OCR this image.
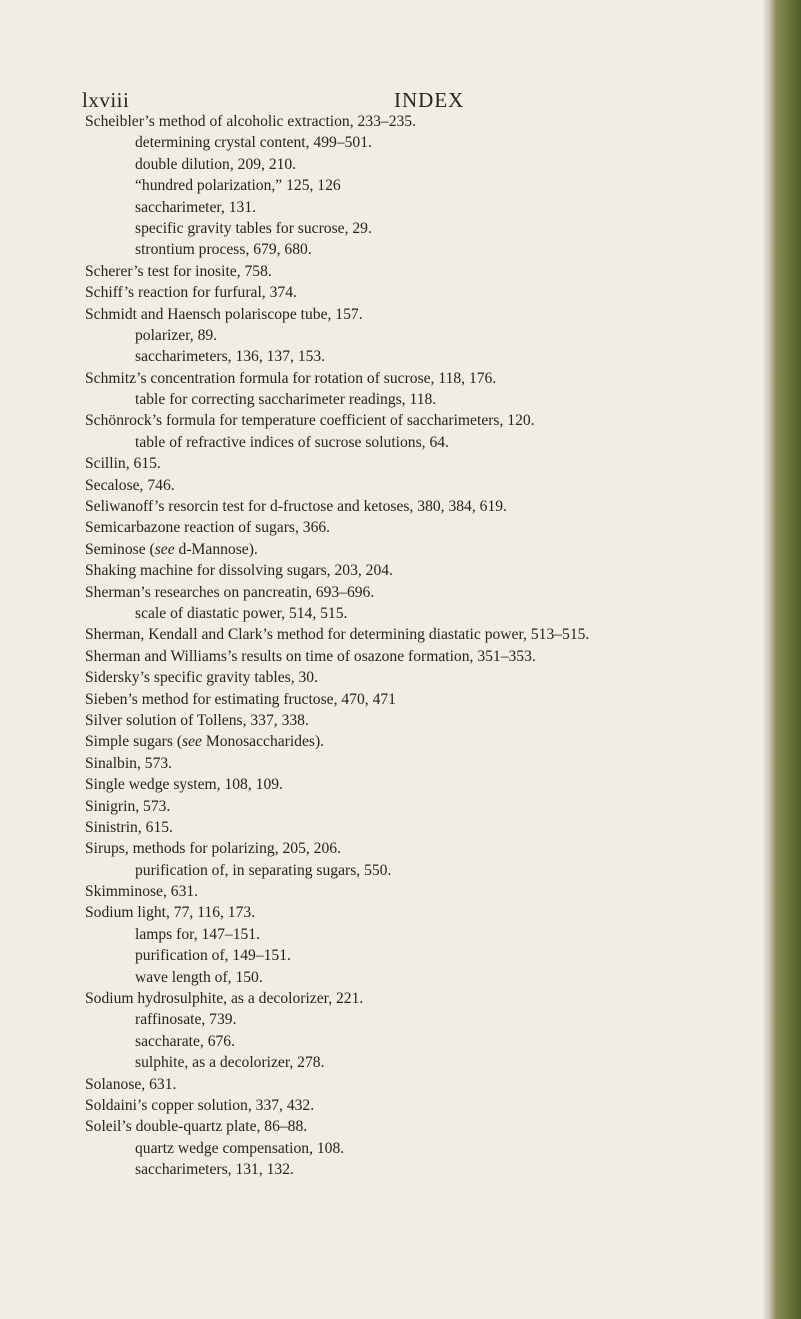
lxviii	INDEX
Scheibler’s method of alcoholic extraction, 233–235.
determining crystal content, 499–501.
double dilution, 209, 210.
“hundred polarization,” 125, 126
saccharimeter, 131.
specific gravity tables for sucrose, 29.
strontium process, 679, 680.
Scherer’s test for inosite, 758.
Schiff’s reaction for furfural, 374.
Schmidt and Haensch polariscope tube, 157.
polarizer, 89.
saccharimeters, 136, 137, 153.
Schmitz’s concentration formula for rotation of sucrose, 118, 176.
table for correcting saccharimeter readings, 118.
Schönrock’s formula for temperature coefficient of saccharimeters, 120.
table of refractive indices of sucrose solutions, 64.
Scillin, 615.
Secalose, 746.
Seliwanoff’s resorcin test for d-fructose and ketoses, 380, 384, 619.
Semicarbazone reaction of sugars, 366.
Seminose (see d-Mannose).
Shaking machine for dissolving sugars, 203, 204.
Sherman’s researches on pancreatin, 693–696.
scale of diastatic power, 514, 515.
Sherman, Kendall and Clark’s method for determining diastatic power, 513–515.
Sherman and Williams’s results on time of osazone formation, 351–353.
Sidersky’s specific gravity tables, 30.
Sieben’s method for estimating fructose, 470, 471
Silver solution of Tollens, 337, 338.
Simple sugars (see Monosaccharides).
Sinalbin, 573.
Single wedge system, 108, 109.
Sinigrin, 573.
Sinistrin, 615.
Sirups, methods for polarizing, 205, 206.
purification of, in separating sugars, 550.
Skimminose, 631.
Sodium light, 77, 116, 173.
lamps for, 147–151.
purification of, 149–151.
wave length of, 150.
Sodium hydrosulphite, as a decolorizer, 221.
raffinosate, 739.
saccharate, 676.
sulphite, as a decolorizer, 278.
Solanose, 631.
Soldaini’s copper solution, 337, 432.
Soleil’s double-quartz plate, 86–88.
quartz wedge compensation, 108.
saccharimeters, 131, 132.
